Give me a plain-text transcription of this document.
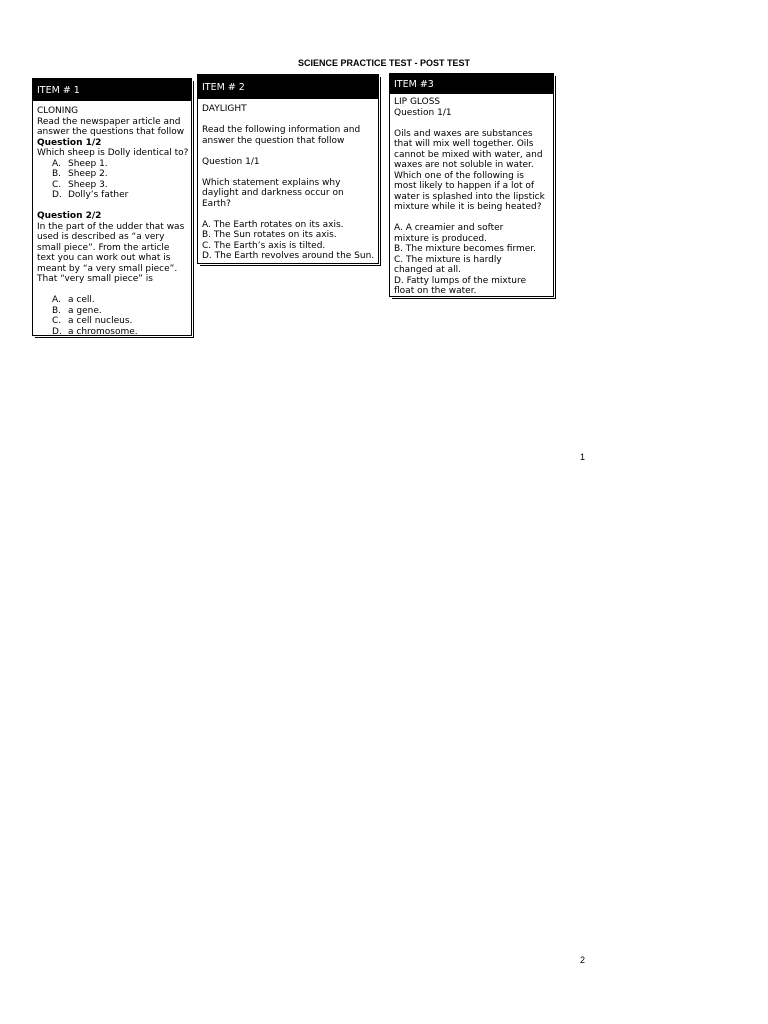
SCIENCE PRACTICE TEST - POST TEST
ITEM # 1
CLONING
Read the newspaper article and
answer the questions that follow
Question 1/2
Which sheep is Dolly identical to?
A. Sheep 1.
B. Sheep 2.
C. Sheep 3.
D. Dolly’s father
Question 2/2
In the part of the udder that was
used is described as “a very
small piece”. From the article
text you can work out what is
meant by “a very small piece”.
That “very small piece” is
A. a cell.
B. a gene.
C. a cell nucleus.
D. a chromosome.
ITEM # 2
DAYLIGHT
Read the following information and
answer the question that follow
Question 1/1
Which statement explains why
daylight and darkness occur on
Earth?
A. The Earth rotates on its axis.
B. The Sun rotates on its axis.
C. The Earth’s axis is tilted.
D. The Earth revolves around the Sun.
ITEM #3
LIP GLOSS
Question 1/1
Oils and waxes are substances
that will mix well together. Oils
cannot be mixed with water, and
waxes are not soluble in water.
Which one of the following is
most likely to happen if a lot of
water is splashed into the lipstick
mixture while it is being heated?
A. A creamier and softer
mixture is produced.
B. The mixture becomes firmer.
C. The mixture is hardly
changed at all.
D. Fatty lumps of the mixture
float on the water.
1
2
